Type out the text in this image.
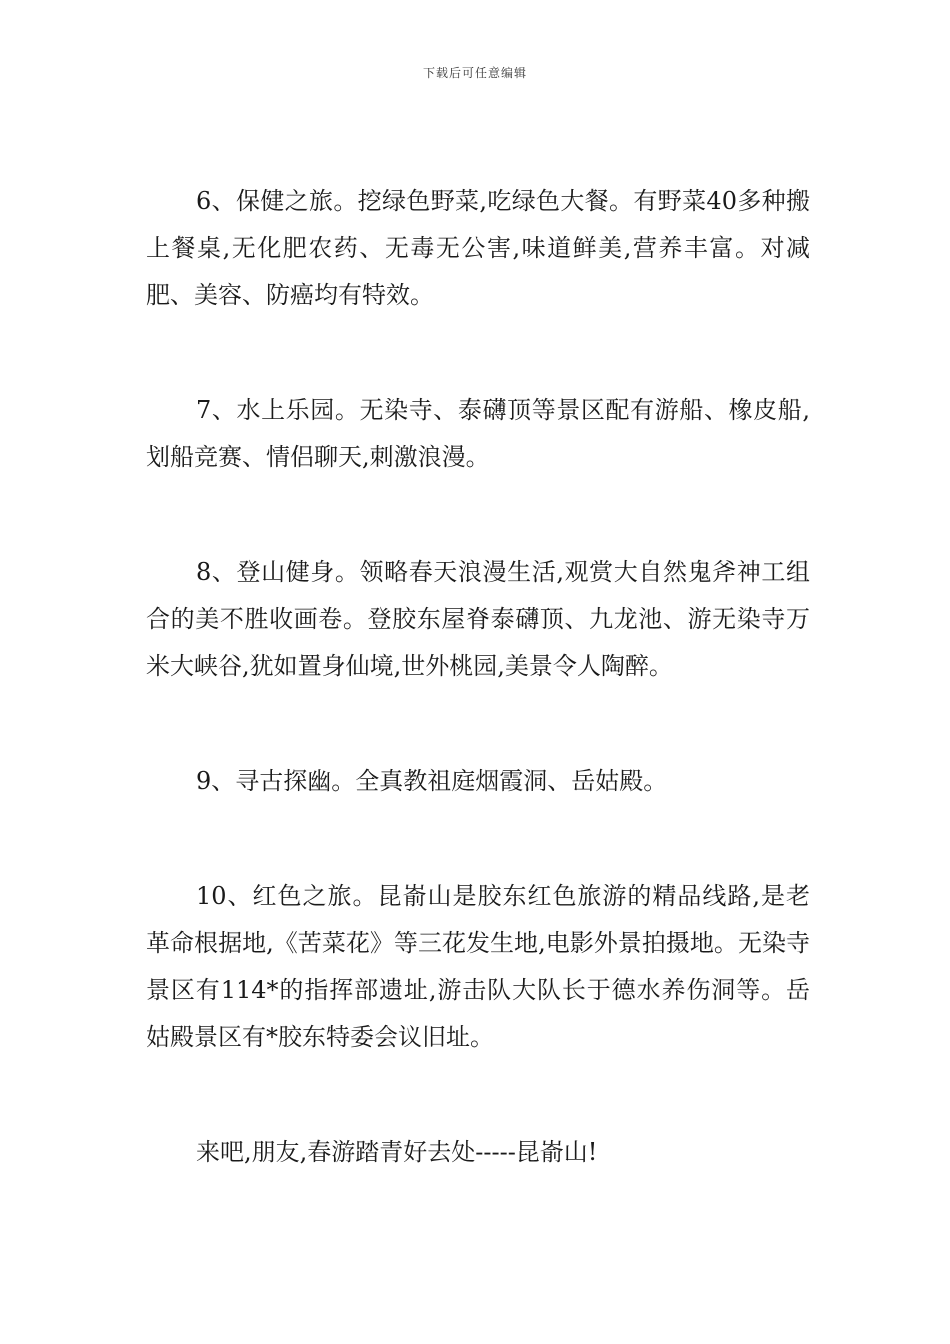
下载后可任意编辑

6、保健之旅。挖绿色野菜,吃绿色大餐。有野菜40多种搬上餐桌,无化肥农药、无毒无公害,味道鲜美,营养丰富。对减肥、美容、防癌均有特效。

7、水上乐园。无染寺、泰礴顶等景区配有游船、橡皮船,划船竞赛、情侣聊天,刺激浪漫。

8、登山健身。领略春天浪漫生活,观赏大自然鬼斧神工组合的美不胜收画卷。登胶东屋脊泰礴顶、九龙池、游无染寺万米大峡谷,犹如置身仙境,世外桃园,美景令人陶醉。

9、寻古探幽。全真教祖庭烟霞洞、岳姑殿。

10、红色之旅。昆嵛山是胶东红色旅游的精品线路,是老革命根据地,《苦菜花》等三花发生地,电影外景拍摄地。无染寺景区有114*的指挥部遗址,游击队大队长于德水养伤洞等。岳姑殿景区有*胶东特委会议旧址。

来吧,朋友,春游踏青好去处-----昆嵛山!
